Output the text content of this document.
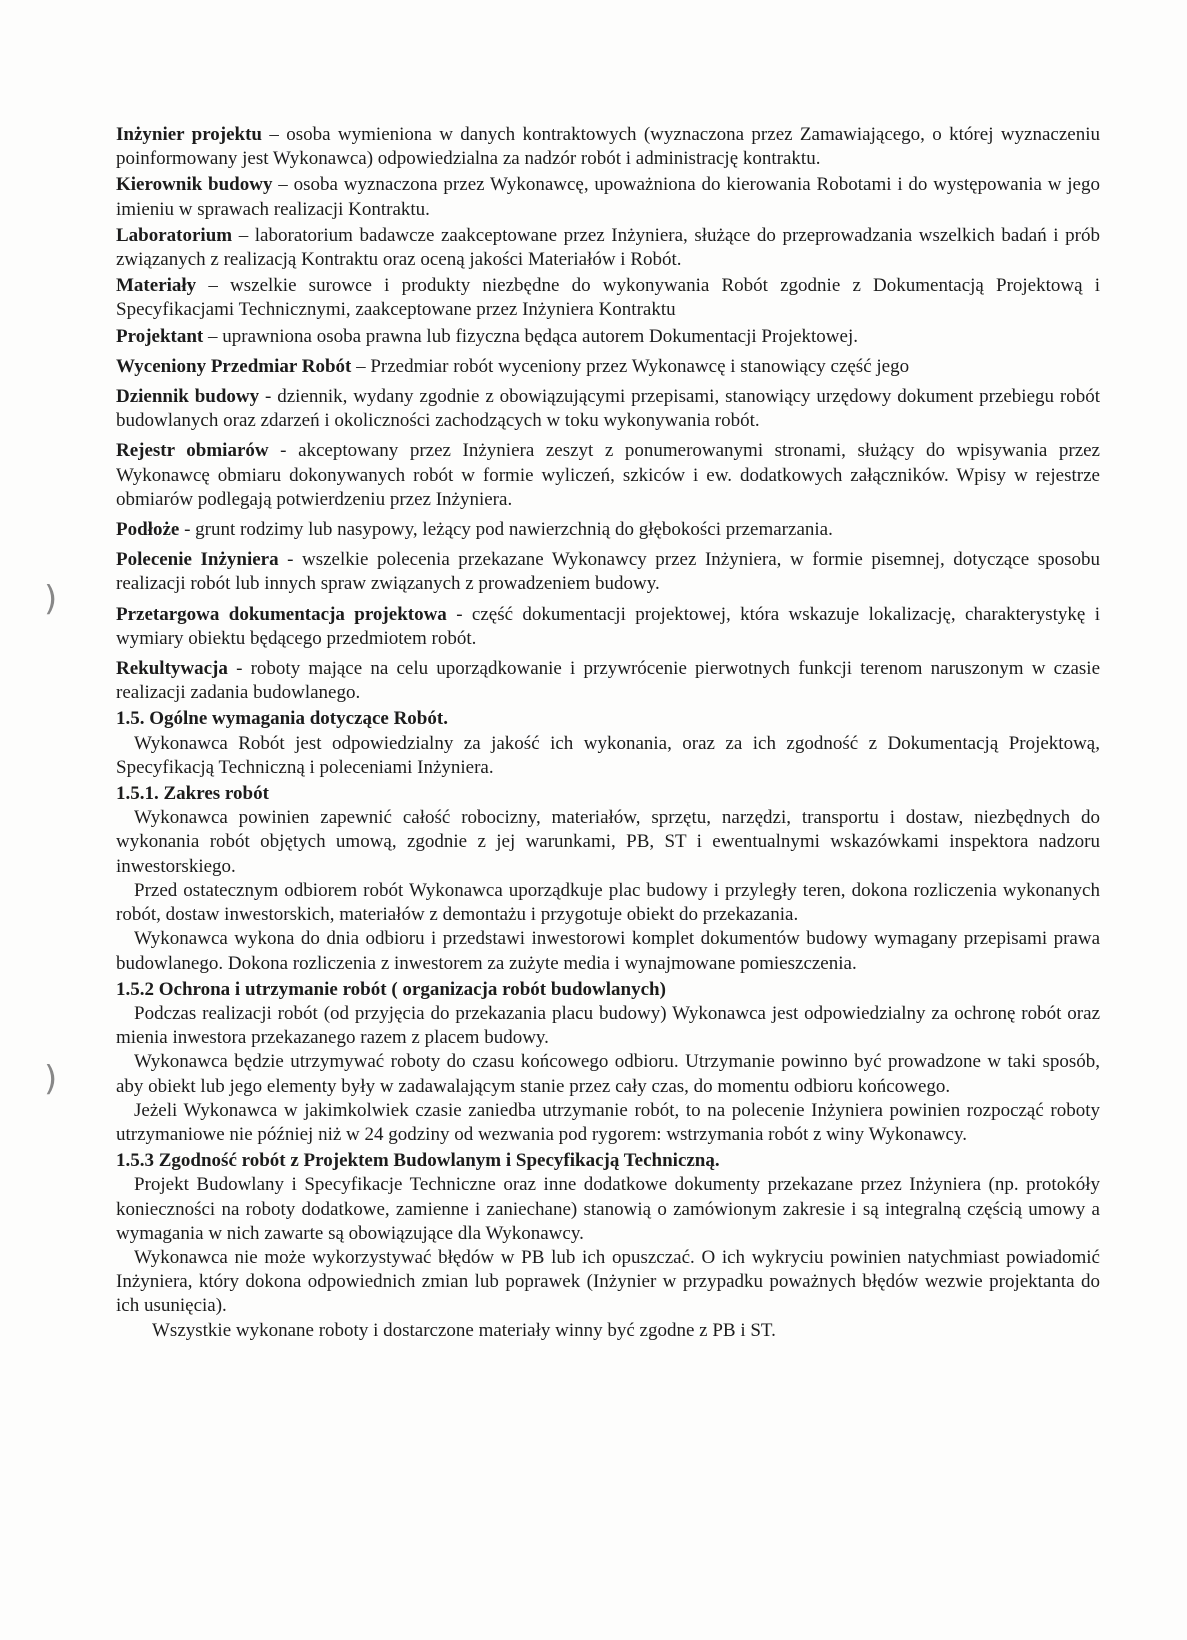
Inżynier projektu – osoba wymieniona w danych kontraktowych (wyznaczona przez Zamawiającego, o której wyznaczeniu poinformowany jest Wykonawca) odpowiedzialna za nadzór robót i administrację kontraktu.

Kierownik budowy – osoba wyznaczona przez Wykonawcę, upoważniona do kierowania Robotami i do występowania w jego imieniu w sprawach realizacji Kontraktu.

Laboratorium – laboratorium badawcze zaakceptowane przez Inżyniera, służące do przeprowadzania wszelkich badań i prób związanych z realizacją Kontraktu oraz oceną jakości Materiałów i Robót.

Materiały – wszelkie surowce i produkty niezbędne do wykonywania Robót zgodnie z Dokumentacją Projektową i Specyfikacjami Technicznymi, zaakceptowane przez Inżyniera Kontraktu

Projektant – uprawniona osoba prawna lub fizyczna będąca autorem Dokumentacji Projektowej.

Wyceniony Przedmiar Robót – Przedmiar robót wyceniony przez Wykonawcę i stanowiący część jego

Dziennik budowy - dziennik, wydany zgodnie z obowiązującymi przepisami, stanowiący urzędowy dokument przebiegu robót budowlanych oraz zdarzeń i okoliczności zachodzących w toku wykonywania robót.

Rejestr obmiarów - akceptowany przez Inżyniera zeszyt z ponumerowanymi stronami, służący do wpisywania przez Wykonawcę obmiaru dokonywanych robót w formie wyliczeń, szkiców i ew. dodatkowych załączników. Wpisy w rejestrze obmiarów podlegają potwierdzeniu przez Inżyniera.

Podłoże - grunt rodzimy lub nasypowy, leżący pod nawierzchnią do głębokości przemarzania.

Polecenie Inżyniera - wszelkie polecenia przekazane Wykonawcy przez Inżyniera, w formie pisemnej, dotyczące sposobu realizacji robót lub innych spraw związanych z prowadzeniem budowy.

Przetargowa dokumentacja projektowa - część dokumentacji projektowej, która wskazuje lokalizację, charakterystykę i wymiary obiektu będącego przedmiotem robót.

Rekultywacja - roboty mające na celu uporządkowanie i przywrócenie pierwotnych funkcji terenom naruszonym w czasie realizacji zadania budowlanego.

1.5. Ogólne wymagania dotyczące Robót.

Wykonawca Robót jest odpowiedzialny za jakość ich wykonania, oraz za ich zgodność z Dokumentacją Projektową, Specyfikacją Techniczną i poleceniami Inżyniera.

1.5.1. Zakres robót

Wykonawca powinien zapewnić całość robocizny, materiałów, sprzętu, narzędzi, transportu i dostaw, niezbędnych do wykonania robót objętych umową, zgodnie z jej warunkami, PB, ST i ewentualnymi wskazówkami inspektora nadzoru inwestorskiego.

Przed ostatecznym odbiorem robót Wykonawca uporządkuje plac budowy i przyległy teren, dokona rozliczenia wykonanych robót, dostaw inwestorskich, materiałów z demontażu i przygotuje obiekt do przekazania.

Wykonawca wykona do dnia odbioru i przedstawi inwestorowi komplet dokumentów budowy wymagany przepisami prawa budowlanego. Dokona rozliczenia z inwestorem za zużyte media i wynajmowane pomieszczenia.

1.5.2 Ochrona i utrzymanie robót ( organizacja robót budowlanych)

Podczas realizacji robót (od przyjęcia do przekazania placu budowy) Wykonawca jest odpowiedzialny za ochronę robót oraz mienia inwestora przekazanego razem z placem budowy.

Wykonawca będzie utrzymywać roboty do czasu końcowego odbioru. Utrzymanie powinno być prowadzone w taki sposób, aby obiekt lub jego elementy były w zadawalającym stanie przez cały czas, do momentu odbioru końcowego.

Jeżeli Wykonawca w jakimkolwiek czasie zaniedba utrzymanie robót, to na polecenie Inżyniera powinien rozpocząć roboty utrzymaniowe nie później niż w 24 godziny od wezwania pod rygorem: wstrzymania robót z winy Wykonawcy.

1.5.3 Zgodność robót z Projektem Budowlanym i Specyfikacją Techniczną.

Projekt Budowlany i Specyfikacje Techniczne oraz inne dodatkowe dokumenty przekazane przez Inżyniera (np. protokóły konieczności na roboty dodatkowe, zamienne i zaniechane) stanowią o zamówionym zakresie i są integralną częścią umowy a wymagania w nich zawarte są obowiązujące dla Wykonawcy.

Wykonawca nie może wykorzystywać błędów w PB lub ich opuszczać. O ich wykryciu powinien natychmiast powiadomić Inżyniera, który dokona odpowiednich zmian lub poprawek (Inżynier w przypadku poważnych błędów wezwie projektanta do ich usunięcia).

Wszystkie wykonane roboty i dostarczone materiały winny być zgodne z PB i ST.

)
)
